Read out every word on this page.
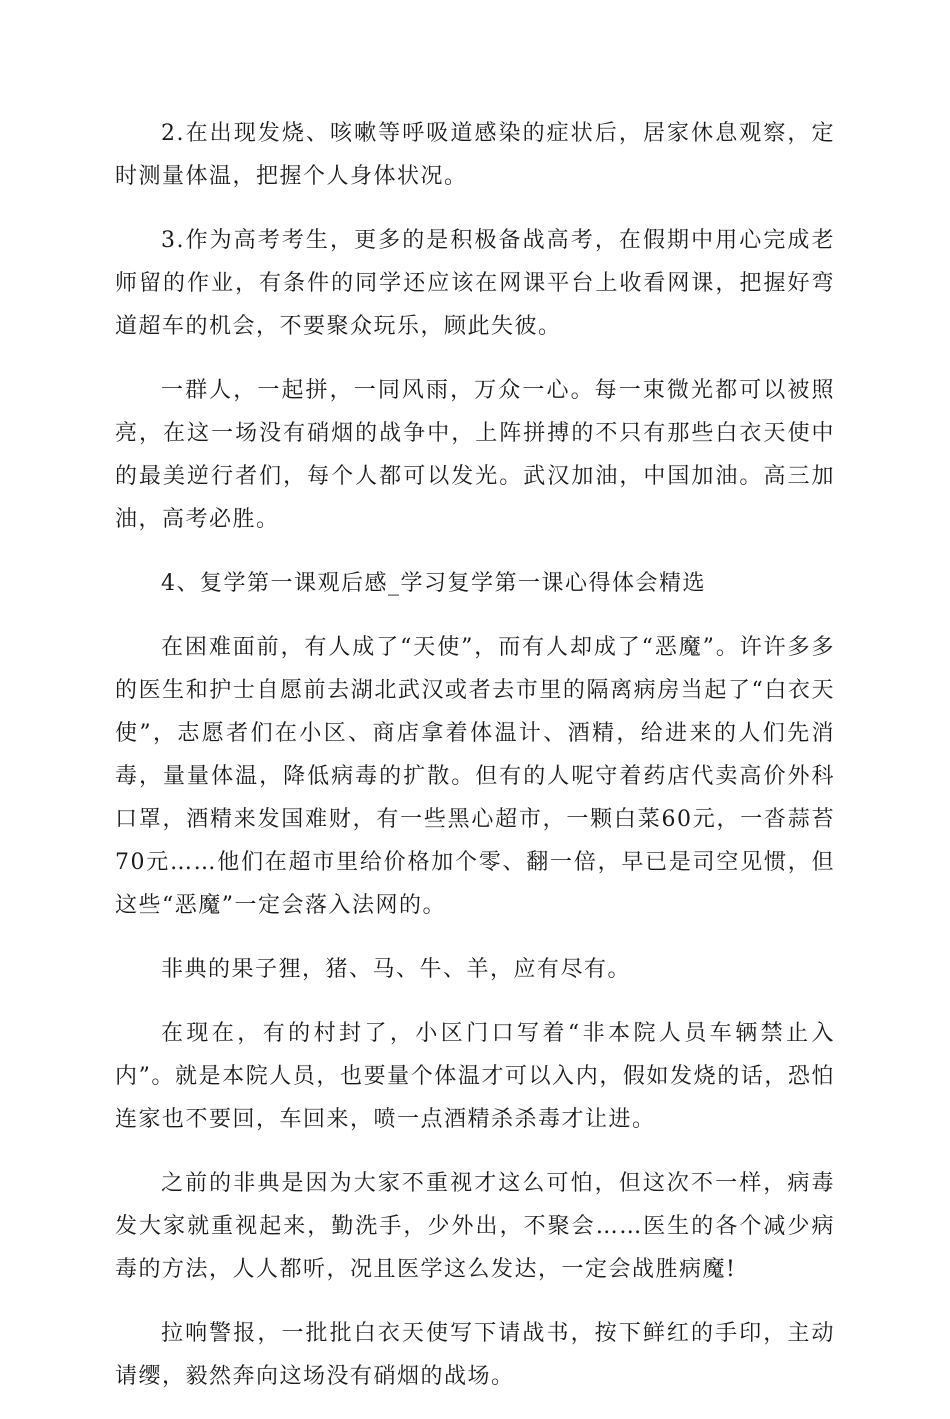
2.在出现发烧、咳嗽等呼吸道感染的症状后，居家休息观察，定时测量体温，把握个人身体状况。

3.作为高考考生，更多的是积极备战高考，在假期中用心完成老师留的作业，有条件的同学还应该在网课平台上收看网课，把握好弯道超车的机会，不要聚众玩乐，顾此失彼。

一群人，一起拼，一同风雨，万众一心。每一束微光都可以被照亮，在这一场没有硝烟的战争中，上阵拼搏的不只有那些白衣天使中的最美逆行者们，每个人都可以发光。武汉加油，中国加油。高三加油，高考必胜。

4、复学第一课观后感_学习复学第一课心得体会精选

在困难面前，有人成了“天使”，而有人却成了“恶魔”。许许多多的医生和护士自愿前去湖北武汉或者去市里的隔离病房当起了“白衣天使”，志愿者们在小区、商店拿着体温计、酒精，给进来的人们先消毒，量量体温，降低病毒的扩散。但有的人呢守着药店代卖高价外科口罩，酒精来发国难财，有一些黑心超市，一颗白菜60元，一沓蒜苔70元……他们在超市里给价格加个零、翻一倍，早已是司空见惯，但这些“恶魔”一定会落入法网的。

非典的果子狸，猪、马、牛、羊，应有尽有。

在现在，有的村封了，小区门口写着“非本院人员车辆禁止入内”。就是本院人员，也要量个体温才可以入内，假如发烧的话，恐怕连家也不要回，车回来，喷一点酒精杀杀毒才让进。

之前的非典是因为大家不重视才这么可怕，但这次不一样，病毒发大家就重视起来，勤洗手，少外出，不聚会……医生的各个减少病毒的方法，人人都听，况且医学这么发达，一定会战胜病魔!

拉响警报，一批批白衣天使写下请战书，按下鲜红的手印，主动请缨，毅然奔向这场没有硝烟的战场。
